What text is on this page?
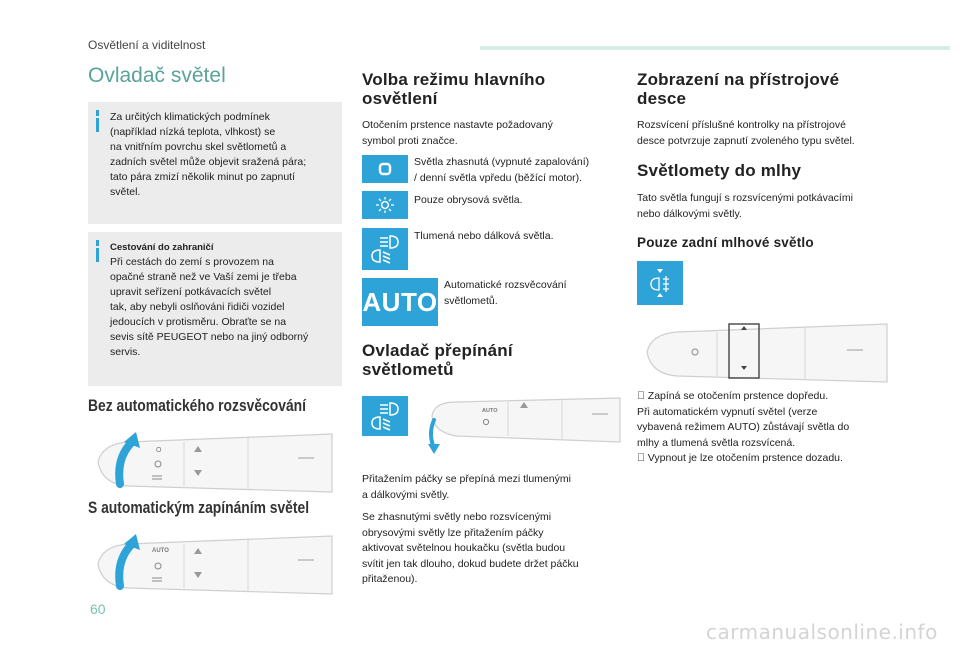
Osvětlení a viditelnost
Ovladač světel
Za určitých klimatických podmínek
(například nízká teplota, vlhkost) se
na vnitřním povrchu skel světlometů a
zadních světel může objevit sražená pára;
tato pára zmizí několik minut po zapnutí
světel.
Cestování do zahraničí
Při cestách do zemí s provozem na
opačné straně než ve Vaší zemi je třeba
upravit seřízení potkávacích světel
tak, aby nebyli oslňováni řidiči vozidel
jedoucích v protisměru. Obraťte se na
sevis sítě PEUGEOT nebo na jiný odborný
servis.
Bez automatického rozsvěcování
O
S automatickým zapínáním světel
AUTO
Volba režimu hlavního
osvětlení
Otočením prstence nastavte požadovaný
symbol proti značce.
Světla zhasnutá (vypnuté zapalování)
/ denní světla vpředu (běžící motor).
Pouze obrysová světla.
Tlumená nebo dálková světla.
AUTO
Automatické rozsvěcování
světlometů.
Ovladač přepínání
světlometů
AUTO
Přitažením páčky se přepíná mezi tlumenými
a dálkovými světly.
Se zhasnutými světly nebo rozsvícenými
obrysovými světly lze přitažením páčky
aktivovat světelnou houkačku (světla budou
svítit jen tak dlouho, dokud budete držet páčku
přitaženou).
Zobrazení na přístrojové
desce
Rozsvícení příslušné kontrolky na přístrojové
desce potvrzuje zapnutí zvoleného typu světel.
Světlomety do mlhy
Tato světla fungují s rozsvícenými potkávacími
nebo dálkovými světly.
Pouze zadní mlhové světlo
Zapíná se otočením prstence dopředu.
Při automatickém vypnutí světel (verze
vybavená režimem AUTO) zůstávají světla do
mlhy a tlumená světla rozsvícená.
Vypnout je lze otočením prstence dozadu.
60
carmanualsonline.info
